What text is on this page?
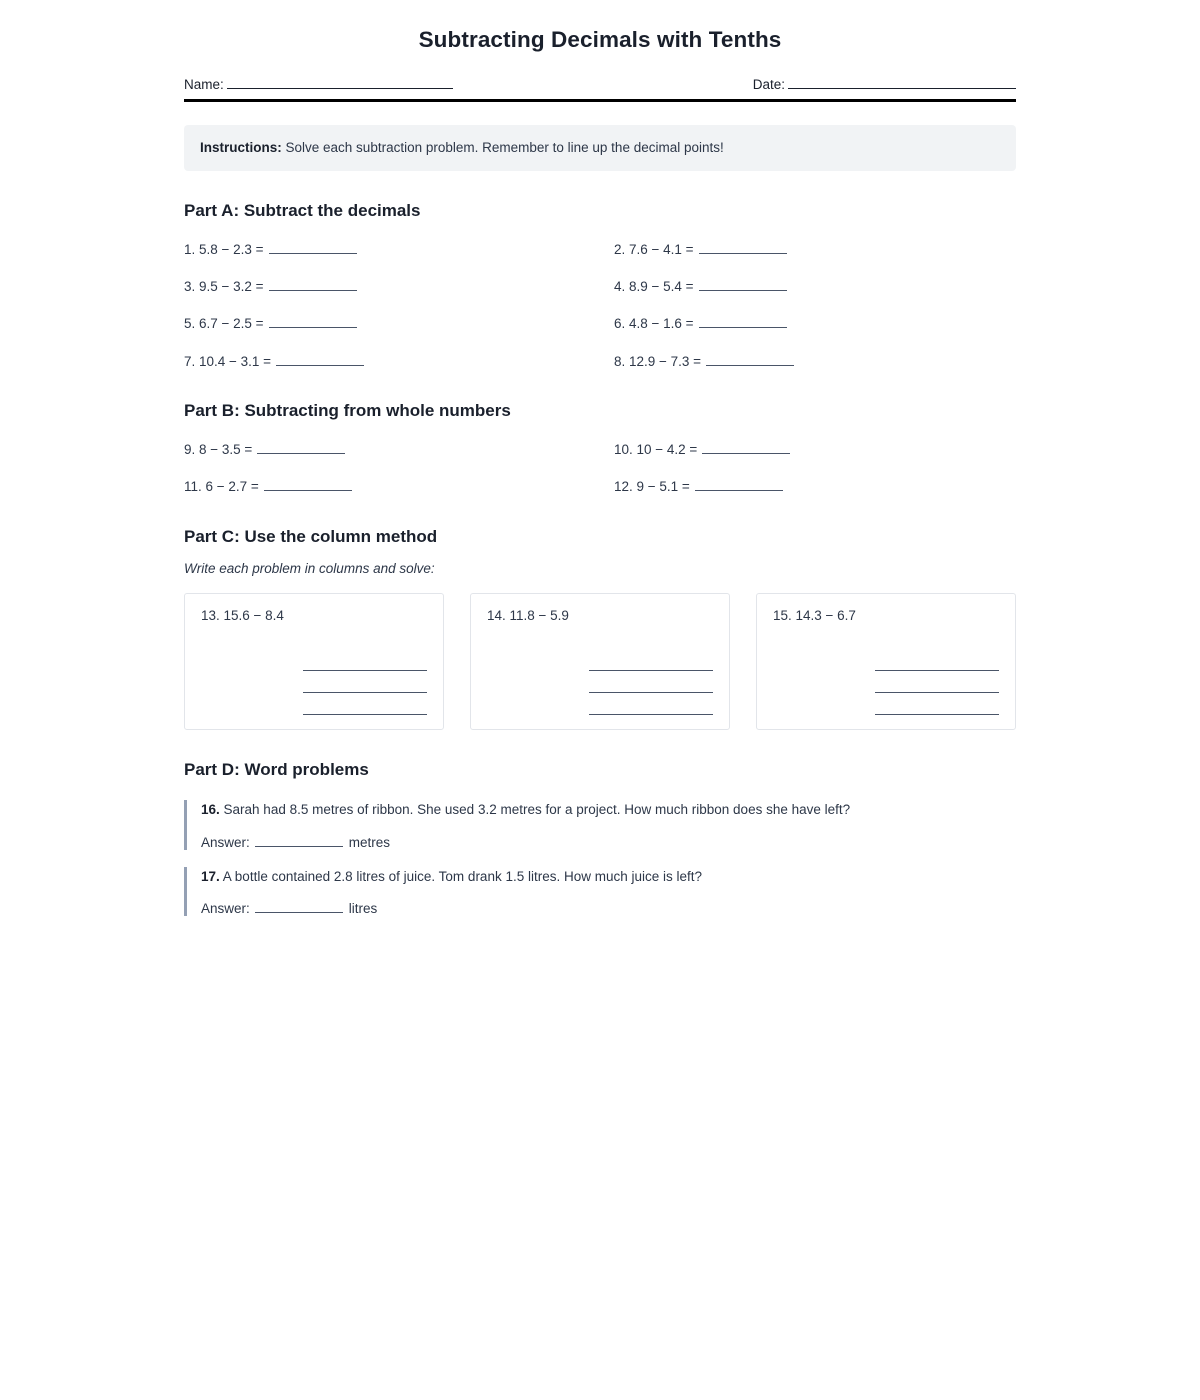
Subtracting Decimals with Tenths
Name:	Date:
Instructions: Solve each subtraction problem. Remember to line up the decimal points!
Part A: Subtract the decimals
1. 5.8 − 2.3 =	2. 7.6 − 4.1 =
3. 9.5 − 3.2 =	4. 8.9 − 5.4 =
5. 6.7 − 2.5 =	6. 4.8 − 1.6 =
7. 10.4 − 3.1 =	8. 12.9 − 7.3 =
Part B: Subtracting from whole numbers
9. 8 − 3.5 =	10. 10 − 4.2 =
11. 6 − 2.7 =	12. 9 − 5.1 =
Part C: Use the column method

Write each problem in columns and solve:

13. 15.6 − 8.4	14. 11.8 − 5.9	15. 14.3 − 6.7
Part D: Word problems

16. Sarah had 8.5 metres of ribbon. She used 3.2 metres for a project. How much ribbon does she have left?

Answer:	metres

17. A bottle contained 2.8 litres of juice. Tom drank 1.5 litres. How much juice is left?

Answer:	litres
